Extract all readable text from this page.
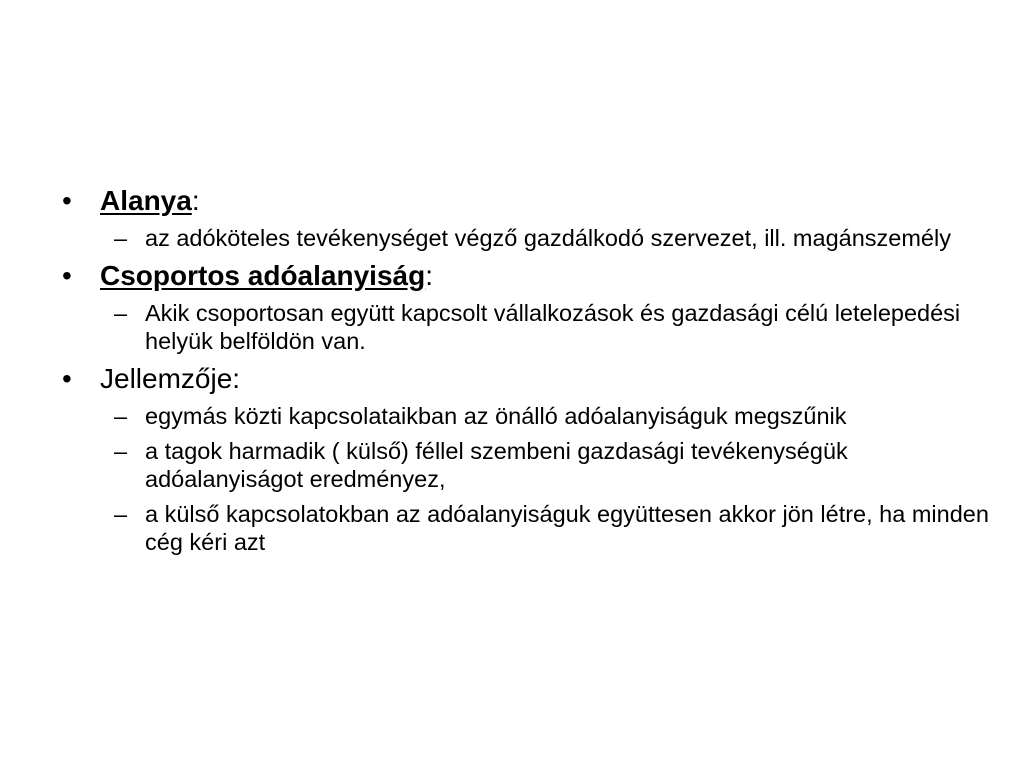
•	Alanya:
– az adóköteles tevékenységet végző gazdálkodó szervezet, ill. magánszemély
•	Csoportos adóalanyiság:
– Akik csoportosan együtt kapcsolt vállalkozások és gazdasági célú letelepedési helyük belföldön van.
•	Jellemzője:
– egymás közti kapcsolataikban az önálló adóalanyiságuk megszűnik
– a tagok harmadik ( külső) féllel szembeni gazdasági tevékenységük adóalanyiságot eredményez,
– a külső kapcsolatokban az adóalanyiságuk együttesen akkor jön létre, ha minden cég kéri azt
